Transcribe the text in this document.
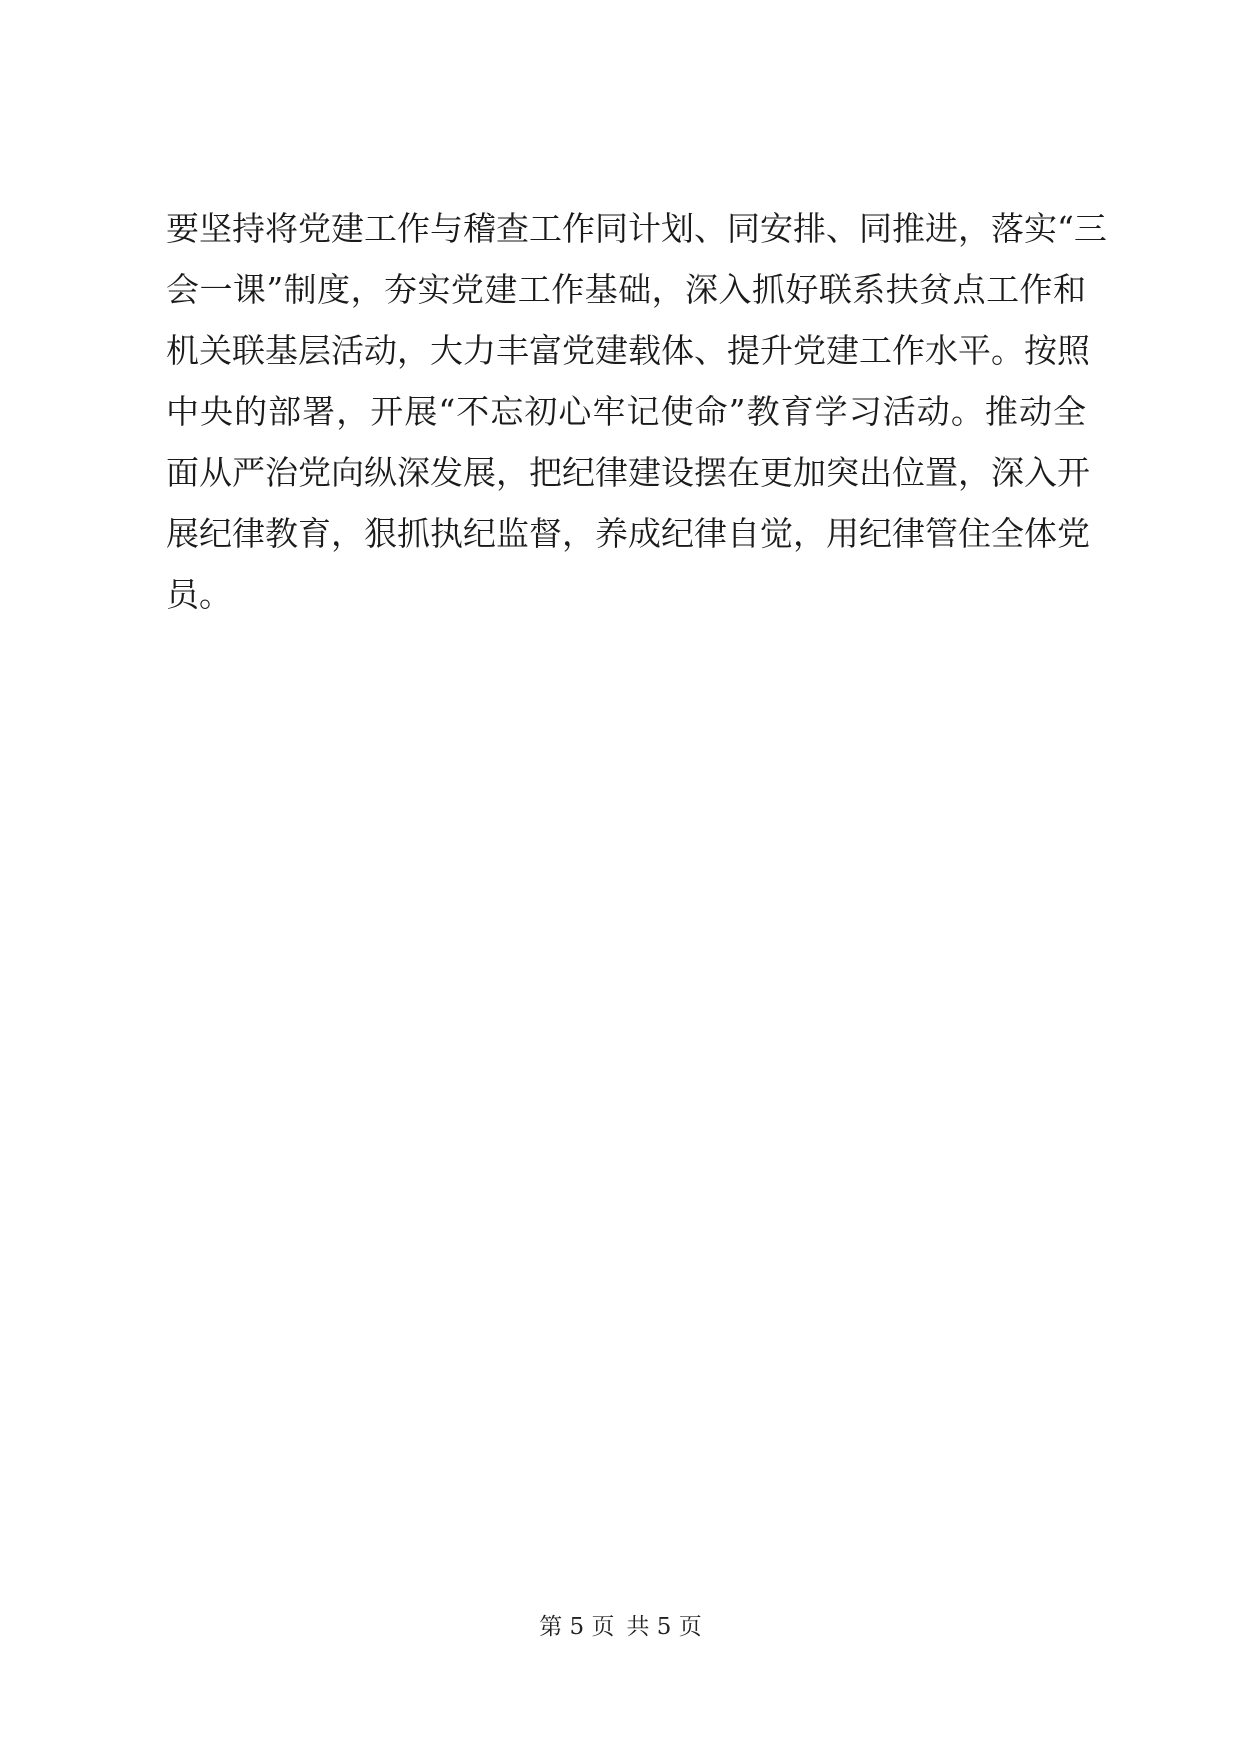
要坚持将党建工作与稽查工作同计划、同安排、同推进，落实“三
会一课”制度，夯实党建工作基础，深入抓好联系扶贫点工作和
机关联基层活动，大力丰富党建载体、提升党建工作水平。按照
中央的部署，开展“不忘初心牢记使命”教育学习活动。推动全
面从严治党向纵深发展，把纪律建设摆在更加突出位置，深入开
展纪律教育，狠抓执纪监督，养成纪律自觉，用纪律管住全体党
员。
第 5 页 共 5 页
